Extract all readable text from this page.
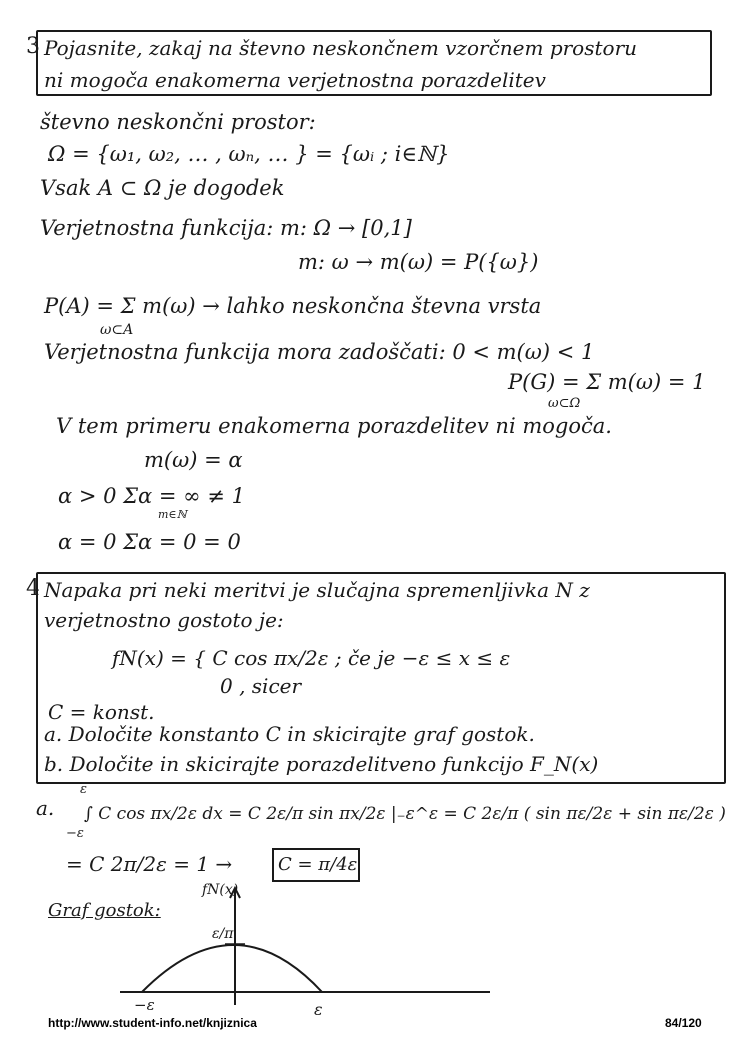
3 Pojasnite, zakaj na števno neskončnem vzorčnem prostoru
ni mogoča enakomerna verjetnostna porazdelitev
števno neskončni prostor:
Ω = {ω₁, ω₂, … , ωₙ, … } = {ωᵢ ; i∈ℕ}
Vsak A ⊂ Ω je dogodek
Verjetnostna funkcija: m: Ω → [0,1]
m: ω → m(ω) = P({ω})
P(A) = Σ m(ω) → lahko neskončna števna vrsta
ω⊂A
Verjetnostna funkcija mora zadoščati: 0 < m(ω) < 1
P(G) = Σ m(ω) = 1
ω⊂Ω
V tem primeru enakomerna porazdelitev ni mogoča.
m(ω) = α
α > 0 Σα = ∞ ≠ 1
m∈ℕ
α = 0 Σα = 0 = 0
4 Napaka pri neki meritvi je slučajna spremenljivka N z
verjetnostno gostoto je:
fN(x) = { C cos πx/2ε ; če je −ε ≤ x ≤ ε
0 , sicer
C = konst.
a. Določite konstanto C in skicirajte graf gostok.
b. Določite in skicirajte porazdelitveno funkcijo F_N(x)
a.
ε
−ε
∫ C cos πx/2ε dx = C 2ε/π sin πx/2ε |₋ε^ε = C 2ε/π ( sin πε/2ε + sin πε/2ε )
= C 2π/2ε = 1 →	C = π/4ε
Graf gostok:
fN(x)
ε/π
−ε	ε
http://www.student-info.net/knjiznica	84/120
